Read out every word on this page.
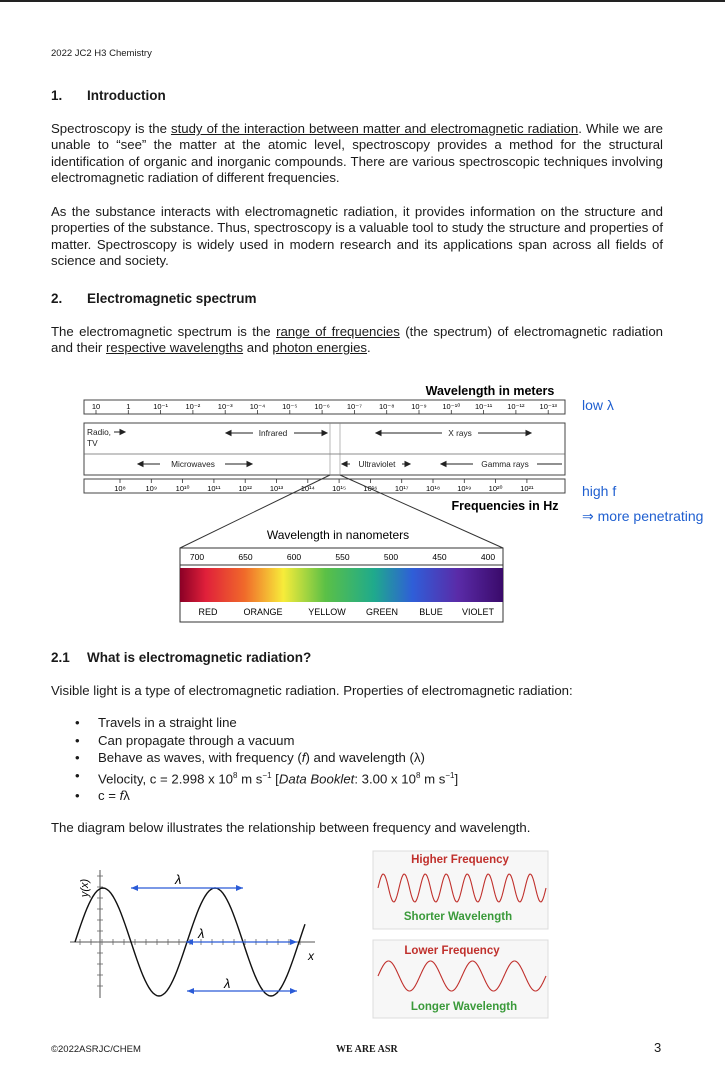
2022 JC2 H3 Chemistry
1. Introduction

Spectroscopy is the study of the interaction between matter and electromagnetic radiation. While we are unable to “see” the matter at the atomic level, spectroscopy provides a method for the structural identification of organic and inorganic compounds. There are various spectroscopic techniques involving electromagnetic radiation of different frequencies.

As the substance interacts with electromagnetic radiation, it provides information on the structure and properties of the substance. Thus, spectroscopy is a valuable tool to study the structure and properties of matter. Spectroscopy is widely used in modern research and its applications span across all fields of science and society.

2. Electromagnetic spectrum

The electromagnetic spectrum is the range of frequencies (the spectrum) of electromagnetic radiation and their respective wavelengths and photon energies.

Wavelength in meters
10	1	10⁻¹ 10⁻² 10⁻³ 10⁻⁴ 10⁻⁵ 10⁻⁶ 10⁻⁷ 10⁻⁸ 10⁻⁹ 10⁻¹⁰ 10⁻¹¹ 10⁻¹² 10⁻¹³
Radio,
TV
Infrared	X rays
Microwaves	Ultraviolet	Gamma rays
10⁸	10⁹ 10¹⁰ 10¹¹ 10¹² 10¹³ 10¹⁴ 10¹⁵ 10¹⁶ 10¹⁷ 10¹⁸ 10¹⁹ 10²⁰ 10²¹
Frequencies in Hz
Wavelength in nanometers
700	650	600	550	500	450	400
RED	ORANGE	YELLOW GREEN BLUE VIOLET
low λ
high f
⇒ more penetrating
2.1 What is electromagnetic radiation?

Visible light is a type of electromagnetic radiation. Properties of electromagnetic radiation:

• Travels in a straight line
• Can propagate through a vacuum
• Behave as waves, with frequency (f) and wavelength (λ)
• Velocity, c = 2.998 x $10^8$ m $s^{-1}$ [Data Booklet: 3.00 x $10^8$ m $s^{-1}$]
• c = fλ

The diagram below illustrates the relationship between frequency and wavelength.

y(x)
x
λ
λ
λ
Higher Frequency
Shorter Wavelength
Lower Frequency
Longer Wavelength
©2022ASRJC/CHEM	WE ARE ASR	3
